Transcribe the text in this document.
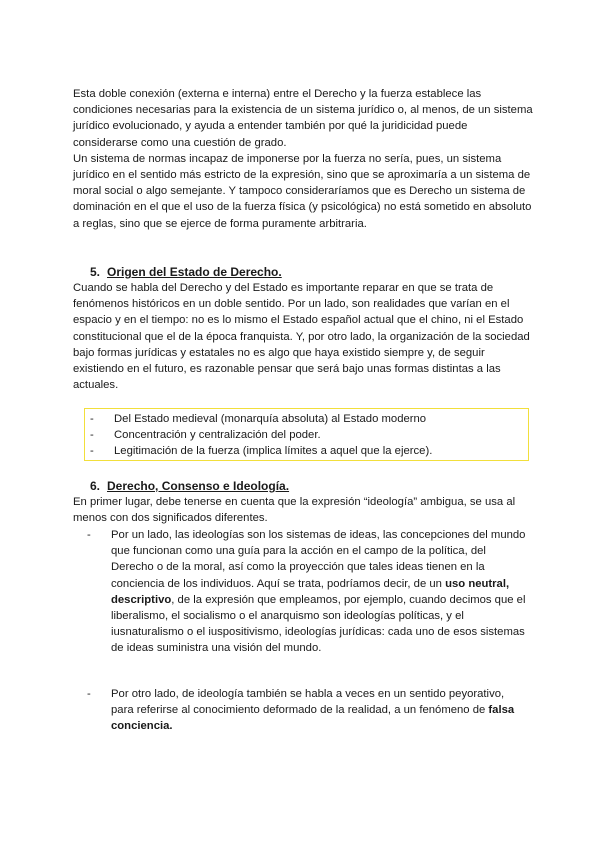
Esta doble conexión (externa e interna) entre el Derecho y la fuerza establece las condiciones necesarias para la existencia de un sistema jurídico o, al menos, de un sistema jurídico evolucionado, y ayuda a entender también por qué la juridicidad puede considerarse como una cuestión de grado.

Un sistema de normas incapaz de imponerse por la fuerza no sería, pues, un sistema jurídico en el sentido más estricto de la expresión, sino que se aproximaría a un sistema de moral social o algo semejante. Y tampoco consideraríamos que es Derecho un sistema de dominación en el que el uso de la fuerza física (y psicológica) no está sometido en absoluto a reglas, sino que se ejerce de forma puramente arbitraria.

5. Origen del Estado de Derecho.

Cuando se habla del Derecho y del Estado es importante reparar en que se trata de fenómenos históricos en un doble sentido. Por un lado, son realidades que varían en el espacio y en el tiempo: no es lo mismo el Estado español actual que el chino, ni el Estado constitucional que el de la época franquista. Y, por otro lado, la organización de la sociedad bajo formas jurídicas y estatales no es algo que haya existido siempre y, de seguir existiendo en el futuro, es razonable pensar que será bajo unas formas distintas a las actuales.

-	Del Estado medieval (monarquía absoluta) al Estado moderno
-	Concentración y centralización del poder.
-	Legitimación de la fuerza (implica límites a aquel que la ejerce).
6. Derecho, Consenso e Ideología.

En primer lugar, debe tenerse en cuenta que la expresión “ideología” ambigua, se usa al menos con dos significados diferentes.

-	Por un lado, las ideologías son los sistemas de ideas, las concepciones del mundo que funcionan como una guía para la acción en el campo de la política, del Derecho o de la moral, así como la proyección que tales ideas tienen en la conciencia de los individuos. Aquí se trata, podríamos decir, de un uso neutral, descriptivo, de la expresión que empleamos, por ejemplo, cuando decimos que el liberalismo, el socialismo o el anarquismo son ideologías políticas, y el iusnaturalismo o el iuspositivismo, ideologías jurídicas: cada uno de esos sistemas de ideas suministra una visión del mundo.
-	Por otro lado, de ideología también se habla a veces en un sentido peyorativo, para referirse al conocimiento deformado de la realidad, a un fenómeno de falsa conciencia.
